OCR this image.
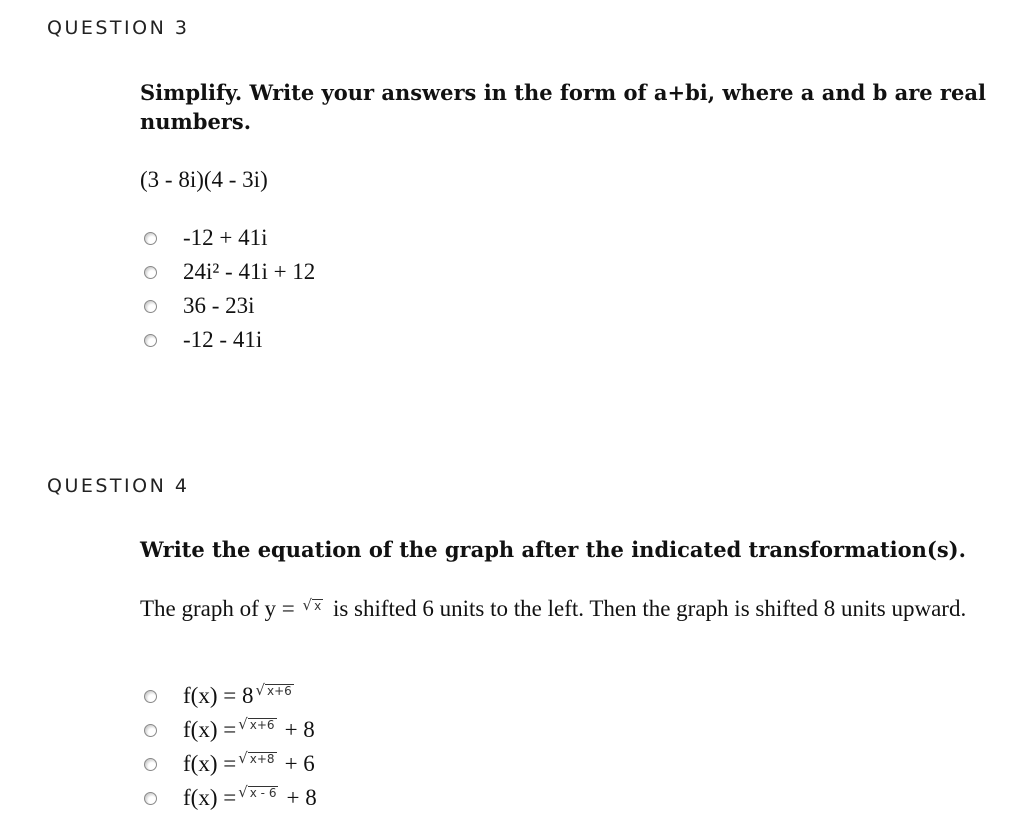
QUESTION 3
Simplify. Write your answers in the form of a+bi, where a and b are real numbers.
(3 - 8i)(4 - 3i)
-12 + 41i
24i² - 41i + 12
36 - 23i
-12 - 41i
QUESTION 4
Write the equation of the graph after the indicated transformation(s).
The graph of y = √ x is shifted 6 units to the left. Then the graph is shifted 8 units upward.
f(x) = 8 √ x+6
f(x) = √ x+6 + 8
f(x) = √ x+8 + 6
f(x) = √ x - 6 + 8
